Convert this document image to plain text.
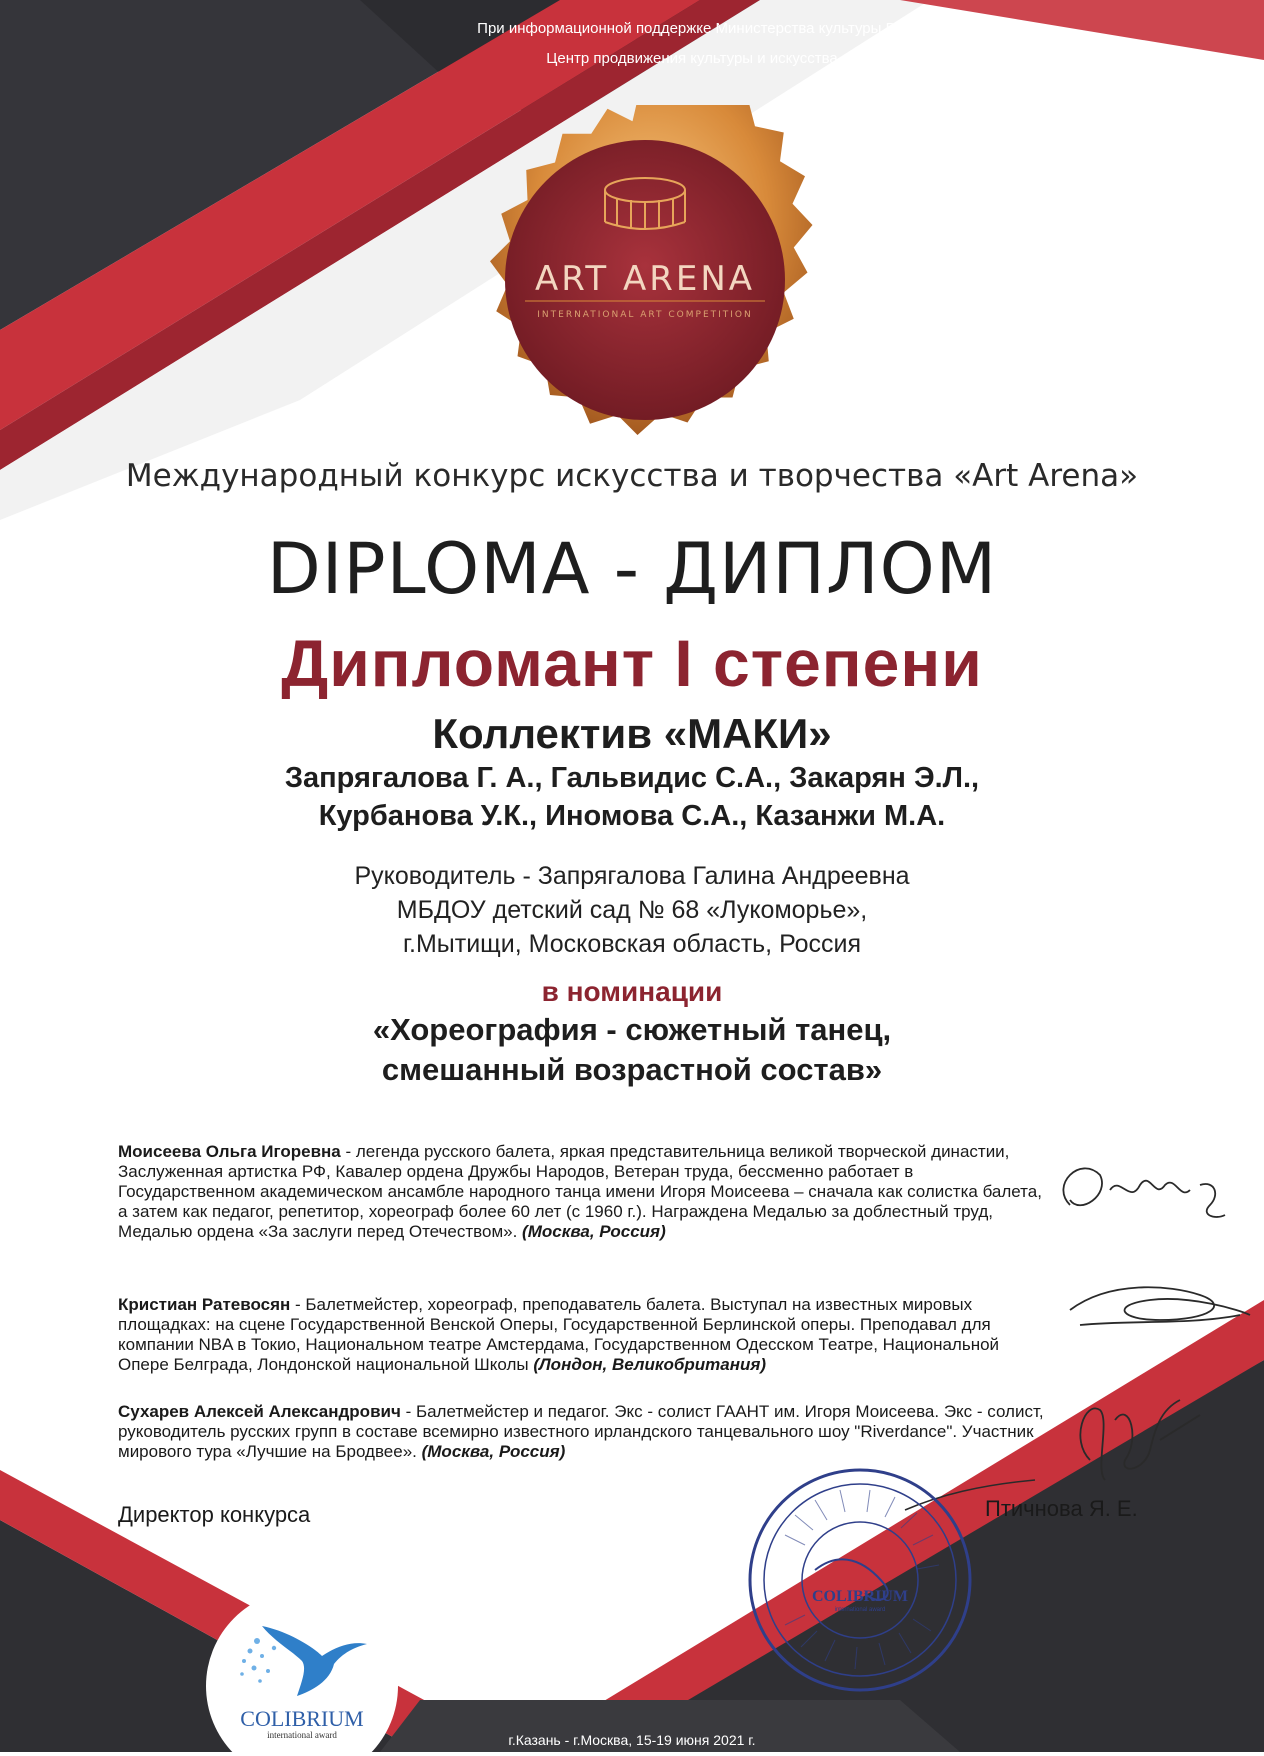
При информационной поддержке Министерства культуры РФ
Центр продвижения культуры и искусства
ART ARENA
INTERNATIONAL ART COMPETITION
Международный конкурс искусства и творчества «Art Arena»
DIPLOMA - ДИПЛОМ
Дипломант I степени
Коллектив «МАКИ»
Запрягалова Г. А., Гальвидис С.А., Закарян Э.Л.,
Курбанова У.К., Иномова С.А., Казанжи М.А.
Руководитель - Запрягалова Галина Андреевна
МБДОУ детский сад № 68 «Лукоморье»,
г.Мытищи, Московская область, Россия
в номинации
«Хореография - сюжетный танец,
смешанный возрастной состав»
Моисеева Ольга Игоревна - легенда русского балета, яркая представительница великой творческой династии, Заслуженная артистка РФ, Кавалер ордена Дружбы Народов, Ветеран труда, бессменно работает в Государственном академическом ансамбле народного танца имени Игоря Моисеева – сначала как солистка балета, а затем как педагог, репетитор, хореограф более 60 лет (с 1960 г.). Награждена Медалью за доблестный труд, Медалью ордена «За заслуги перед Отечеством». (Москва, Россия)
Кристиан Ратевосян - Балетмейстер, хореограф, преподаватель балета. Выступал на известных мировых площадках: на сцене Государственной Венской Оперы, Государственной Берлинской оперы. Преподавал для компании NBA в Токио, Национальном театре Амстердама, Государственном Одесском Театре, Национальной Опере Белграда, Лондонской национальной Школы (Лондон, Великобритания)
Сухарев Алексей Александрович - Балетмейстер и педагог. Экс - солист ГААНТ им. Игоря Моисеева. Экс - солист, руководитель русских групп в составе всемирно известного ирландского танцевального шоу "Riverdance". Участник мирового тура «Лучшие на Бродвее». (Москва, Россия)
Директор конкурса	Птичнова Я. Е.
COLIBRIUM
international award
COLIBRIUM
international award	г.Казань - г.Москва, 15-19 июня 2021 г.
